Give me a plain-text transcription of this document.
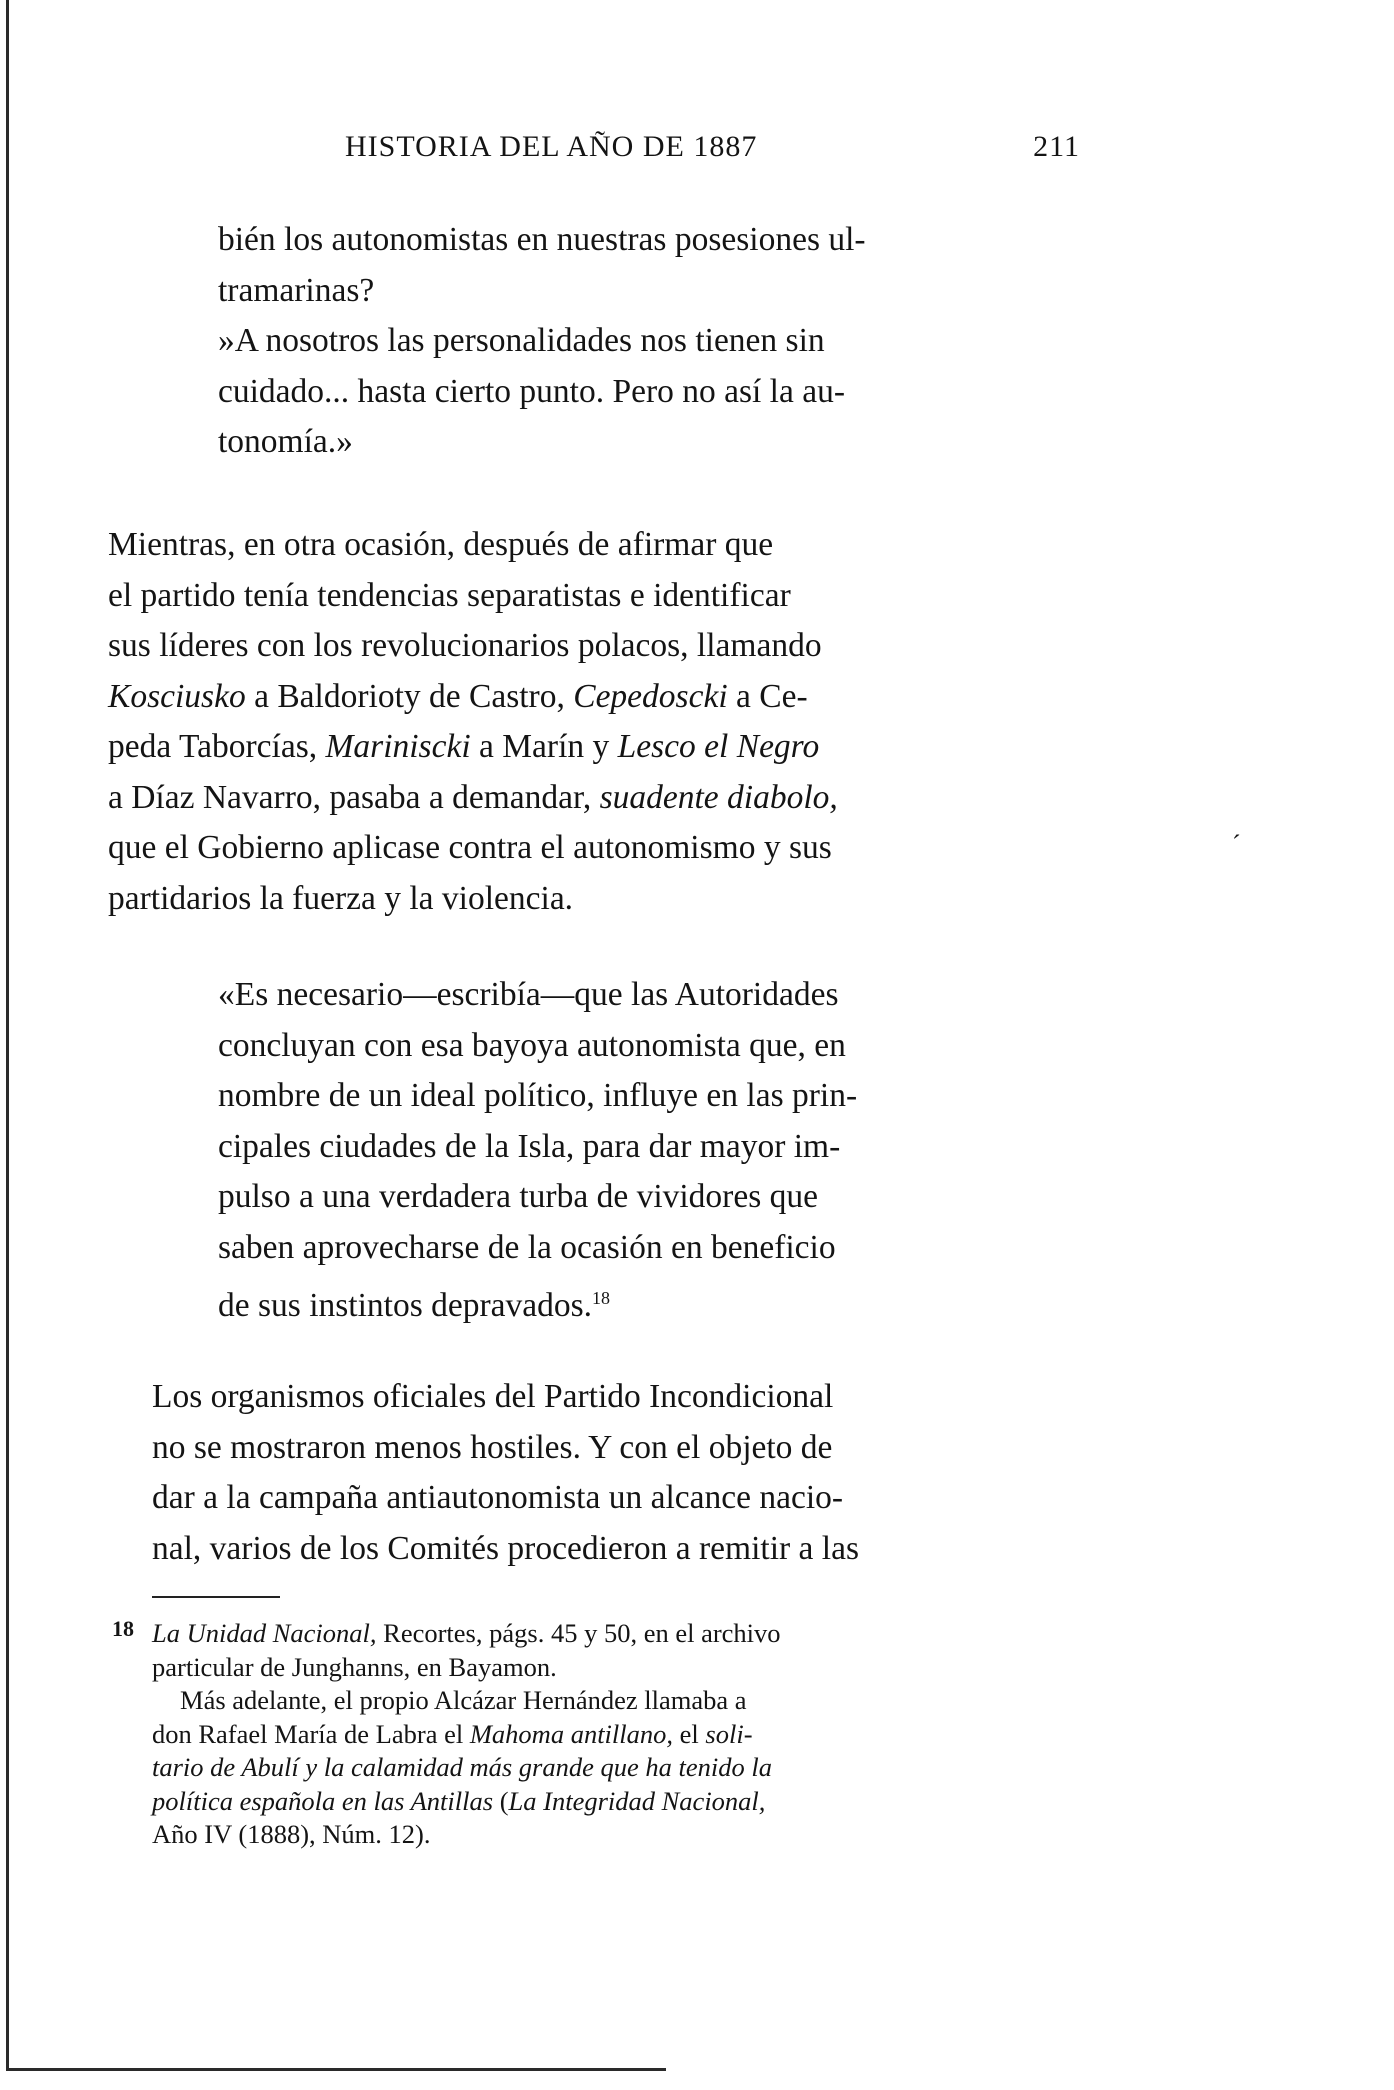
HISTORIA DEL AÑO DE 1887	211

bién los autonomistas en nuestras posesiones ul-
tramarinas?
»A nosotros las personalidades nos tienen sin
cuidado... hasta cierto punto. Pero no así la au-
tonomía.»

Mientras, en otra ocasión, después de afirmar que
el partido tenía tendencias separatistas e identificar
sus líderes con los revolucionarios polacos, llamando
Kosciusko a Baldorioty de Castro, Cepedoscki a Ce-
peda Taborcías, Mariniscki a Marín y Lesco el Negro
a Díaz Navarro, pasaba a demandar, suadente diabolo,
que el Gobierno aplicase contra el autonomismo y sus
partidarios la fuerza y la violencia.

´

«Es necesario—escribía—que las Autoridades
concluyan con esa bayoya autonomista que, en
nombre de un ideal político, influye en las prin-
cipales ciudades de la Isla, para dar mayor im-
pulso a una verdadera turba de vividores que
saben aprovecharse de la ocasión en beneficio
de sus instintos depravados.$^{18}$

Los organismos oficiales del Partido Incondicional
no se mostraron menos hostiles. Y con el objeto de
dar a la campaña antiautonomista un alcance nacio-
nal, varios de los Comités procedieron a remitir a las

18 La Unidad Nacional, Recortes, págs. 45 y 50, en el archivo
particular de Junghanns, en Bayamon.
Más adelante, el propio Alcázar Hernández llamaba a
don Rafael María de Labra el Mahoma antillano, el soli-
tario de Abulí y la calamidad más grande que ha tenido la
política española en las Antillas (La Integridad Nacional,
Año IV (1888), Núm. 12).
